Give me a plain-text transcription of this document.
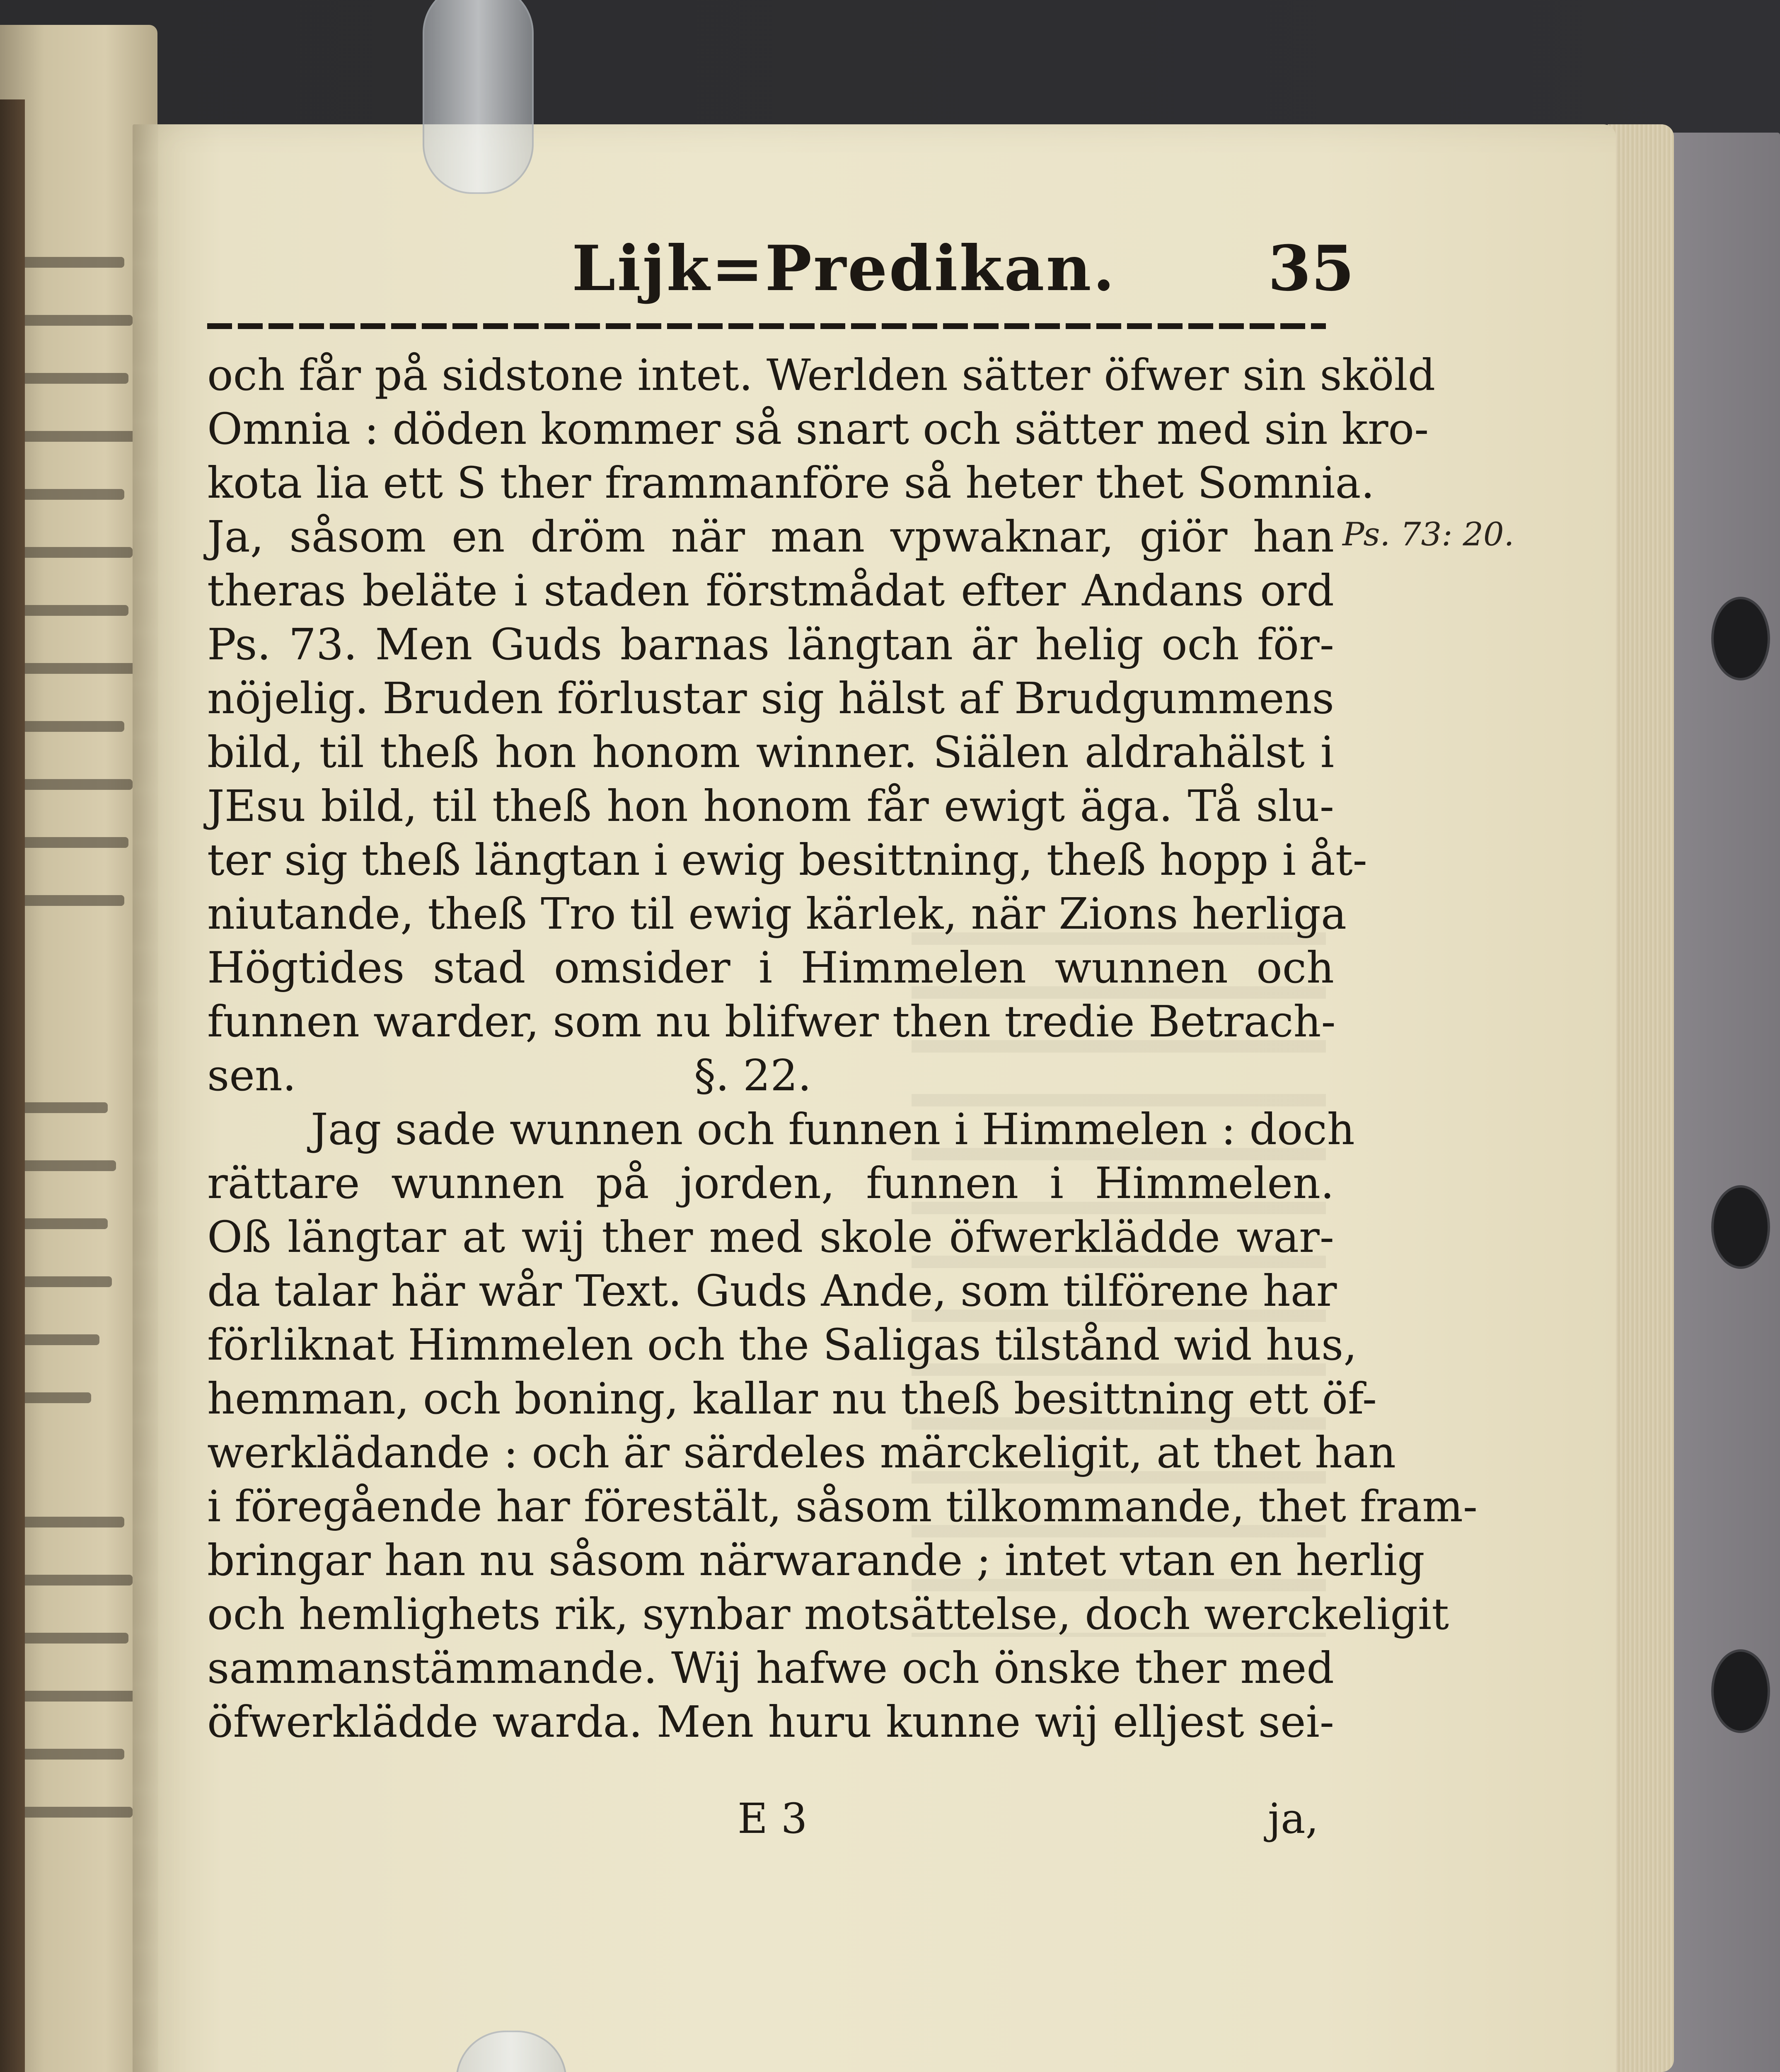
Lijk=Predikan. 35
och får på sidstone intet. Werlden sätter öfwer sin sköld
Omnia : döden kommer så snart och sätter med sin kro-
kota lia ett S ther frammanföre så heter thet Somnia.
Ja, såsom en dröm när man vpwaknar, giör han
theras beläte i staden förstmådat efter Andans ord
Ps. 73. Men Guds barnas längtan är helig och för-
nöjelig. Bruden förlustar sig hälst af Brudgummens
bild, til theß hon honom winner. Siälen aldrahälst i
JEsu bild, til theß hon honom får ewigt äga. Tå slu-
ter sig theß längtan i ewig besittning, theß hopp i åt-
niutande, theß Tro til ewig kärlek, när Zions herliga
Högtides stad omsider i Himmelen wunnen och
funnen warder, som nu blifwer then tredie Betrach-
sen.	§. 22.
Jag sade wunnen och funnen i Himmelen : doch
rättare wunnen på jorden, funnen i Himmelen.
Oß längtar at wij ther med skole öfwerklädde war-
da talar här wår Text. Guds Ande, som tilförene har
förliknat Himmelen och the Saligas tilstånd wid hus,
hemman, och boning, kallar nu theß besittning ett öf-
werklädande : och är särdeles märckeligit, at thet han
i föregående har förestält, såsom tilkommande, thet fram-
bringar han nu såsom närwarande ; intet vtan en herlig
och hemlighets rik, synbar motsättelse, doch werckeligit
sammanstämmande. Wij hafwe och önske ther med
öfwerklädde warda. Men huru kunne wij elljest sei-
Ps. 73: 20.
E 3	ja,
